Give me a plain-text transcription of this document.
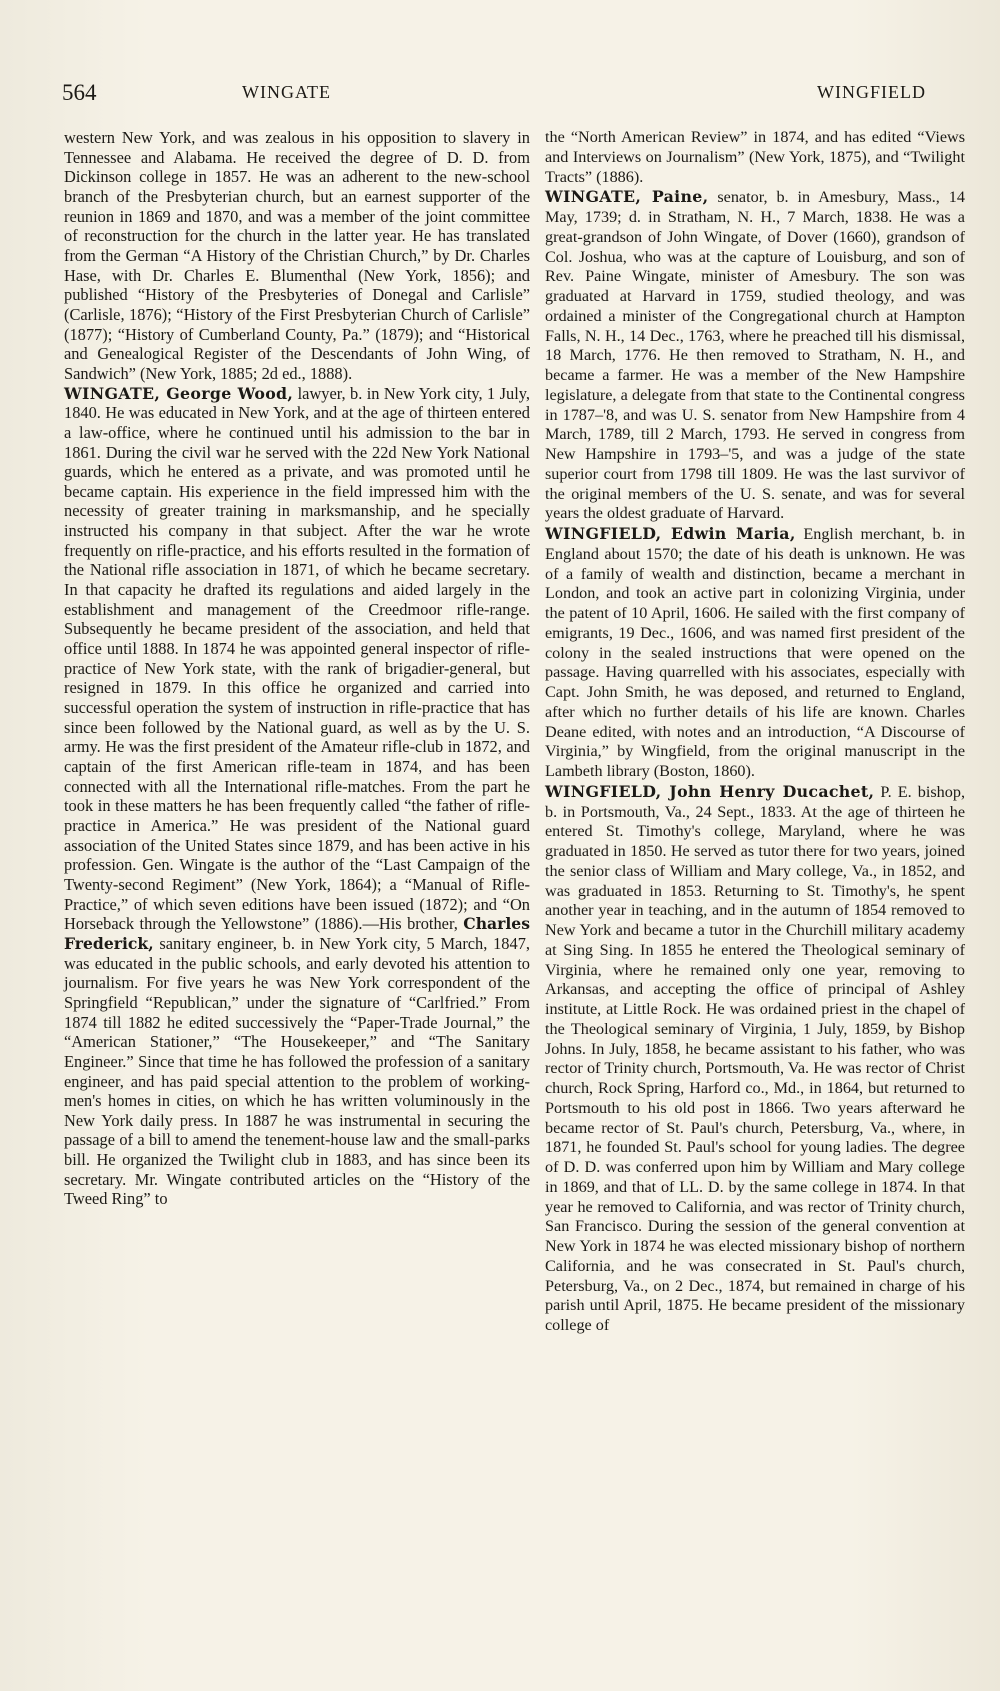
564	WINGATE	WINGFIELD

western New York, and was zealous in his opposition to slavery in Tennessee and Alabama. He received the degree of D. D. from Dickinson college in 1857. He was an adherent to the new-school branch of the Presbyterian church, but an earnest supporter of the reunion in 1869 and 1870, and was a member of the joint committee of reconstruction for the church in the latter year. He has translated from the German “A History of the Christian Church,” by Dr. Charles Hase, with Dr. Charles E. Blumenthal (New York, 1856); and published “History of the Presbyteries of Donegal and Carlisle” (Carlisle, 1876); “History of the First Presbyterian Church of Carlisle” (1877); “History of Cumberland County, Pa.” (1879); and “Historical and Genealogical Register of the Descendants of John Wing, of Sandwich” (New York, 1885; 2d ed., 1888).

WINGATE, George Wood, lawyer, b. in New York city, 1 July, 1840. He was educated in New York, and at the age of thirteen entered a law-office, where he continued until his admission to the bar in 1861. During the civil war he served with the 22d New York National guards, which he entered as a private, and was promoted until he became captain. His experience in the field impressed him with the necessity of greater training in marksmanship, and he specially instructed his company in that subject. After the war he wrote frequently on rifle-practice, and his efforts resulted in the formation of the National rifle association in 1871, of which he became secretary. In that capacity he drafted its regulations and aided largely in the establishment and management of the Creedmoor rifle-range. Subsequently he became president of the association, and held that office until 1888. In 1874 he was appointed general inspector of rifle-practice of New York state, with the rank of brigadier-general, but resigned in 1879. In this office he organized and carried into successful operation the system of instruction in rifle-practice that has since been followed by the National guard, as well as by the U. S. army. He was the first president of the Amateur rifle-club in 1872, and captain of the first American rifle-team in 1874, and has been connected with all the International rifle-matches. From the part he took in these matters he has been frequently called “the father of rifle-practice in America.” He was president of the National guard association of the United States since 1879, and has been active in his profession. Gen. Wingate is the author of the “Last Campaign of the Twenty-second Regiment” (New York, 1864); a “Manual of Rifle-Practice,” of which seven editions have been issued (1872); and “On Horseback through the Yellowstone” (1886).—His brother, Charles Frederick, sanitary engineer, b. in New York city, 5 March, 1847, was educated in the public schools, and early devoted his attention to journalism. For five years he was New York correspondent of the Springfield “Republican,” under the signature of “Carlfried.” From 1874 till 1882 he edited successively the “Paper-Trade Journal,” the “American Stationer,” “The Housekeeper,” and “The Sanitary Engineer.” Since that time he has followed the profession of a sanitary engineer, and has paid special attention to the problem of working-men's homes in cities, on which he has written voluminously in the New York daily press. In 1887 he was instrumental in securing the passage of a bill to amend the tenement-house law and the small-parks bill. He organized the Twilight club in 1883, and has since been its secretary. Mr. Wingate contributed articles on the “History of the Tweed Ring” to

the “North American Review” in 1874, and has edited “Views and Interviews on Journalism” (New York, 1875), and “Twilight Tracts” (1886).

WINGATE, Paine, senator, b. in Amesbury, Mass., 14 May, 1739; d. in Stratham, N. H., 7 March, 1838. He was a great-grandson of John Wingate, of Dover (1660), grandson of Col. Joshua, who was at the capture of Louisburg, and son of Rev. Paine Wingate, minister of Amesbury. The son was graduated at Harvard in 1759, studied theology, and was ordained a minister of the Congregational church at Hampton Falls, N. H., 14 Dec., 1763, where he preached till his dismissal, 18 March, 1776. He then removed to Stratham, N. H., and became a farmer. He was a member of the New Hampshire legislature, a delegate from that state to the Continental congress in 1787–'8, and was U. S. senator from New Hampshire from 4 March, 1789, till 2 March, 1793. He served in congress from New Hampshire in 1793–'5, and was a judge of the state superior court from 1798 till 1809. He was the last survivor of the original members of the U. S. senate, and was for several years the oldest graduate of Harvard.

WINGFIELD, Edwin Maria, English merchant, b. in England about 1570; the date of his death is unknown. He was of a family of wealth and distinction, became a merchant in London, and took an active part in colonizing Virginia, under the patent of 10 April, 1606. He sailed with the first company of emigrants, 19 Dec., 1606, and was named first president of the colony in the sealed instructions that were opened on the passage. Having quarrelled with his associates, especially with Capt. John Smith, he was deposed, and returned to England, after which no further details of his life are known. Charles Deane edited, with notes and an introduction, “A Discourse of Virginia,” by Wingfield, from the original manuscript in the Lambeth library (Boston, 1860).

WINGFIELD, John Henry Ducachet, P. E. bishop, b. in Portsmouth, Va., 24 Sept., 1833. At the age of thirteen he entered St. Timothy's college, Maryland, where he was graduated in 1850. He served as tutor there for two years, joined the senior class of William and Mary college, Va., in 1852, and was graduated in 1853. Returning to St. Timothy's, he spent another year in teaching, and in the autumn of 1854 removed to New York and became a tutor in the Churchill military academy at Sing Sing. In 1855 he entered the Theological seminary of Virginia, where he remained only one year, removing to Arkansas, and accepting the office of principal of Ashley institute, at Little Rock. He was ordained priest in the chapel of the Theological seminary of Virginia, 1 July, 1859, by Bishop Johns. In July, 1858, he became assistant to his father, who was rector of Trinity church, Portsmouth, Va. He was rector of Christ church, Rock Spring, Harford co., Md., in 1864, but returned to Portsmouth to his old post in 1866. Two years afterward he became rector of St. Paul's church, Petersburg, Va., where, in 1871, he founded St. Paul's school for young ladies. The degree of D. D. was conferred upon him by William and Mary college in 1869, and that of LL. D. by the same college in 1874. In that year he removed to California, and was rector of Trinity church, San Francisco. During the session of the general convention at New York in 1874 he was elected missionary bishop of northern California, and he was consecrated in St. Paul's church, Petersburg, Va., on 2 Dec., 1874, but remained in charge of his parish until April, 1875. He became president of the missionary college of
